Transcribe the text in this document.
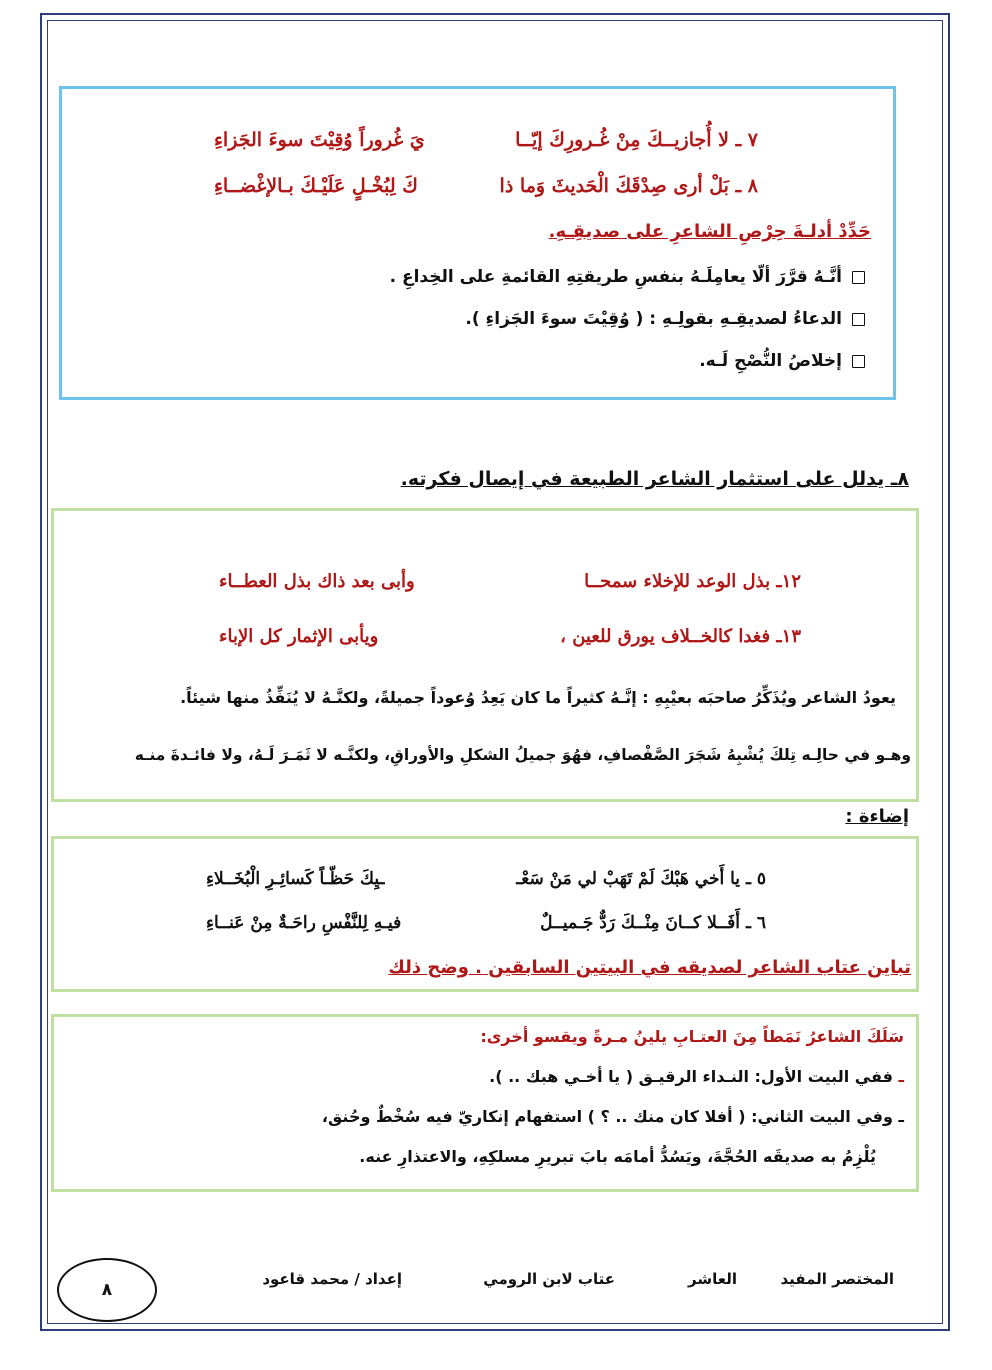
٧ ـ لا أُجازيــكَ مِنْ غُـرورِكَ إيّــا
يَ غُروراً وُقِيْتَ سوءَ الجَزاءِ
٨ ـ بَلْ أرى صِدْقَكَ الْحَديثَ وَما ذا
كَ لِبُخْـلٍ عَلَيْـكَ بـالإغْضــاءِ
حَدِّدْ أدلـةَ حِرْصِ الشاعرِ على صديقِـهِ.
أنَّـهُ قرَّرَ ألّا يعامِلَـهُ بنفسِ طريقتِهِ القائمةِ على الخِداعِ .
الدعاءُ لصديقِـهِ بقولِـهِ : ( وُقِيْتَ سوءَ الجَزاءِ ).
إخلاصُ النُّصْحِ لَـه.
٨ـ يدلل على استثمار الشاعر الطبيعة في إيصال فكرته.
١٢ـ بذل الوعد للإخلاء سمحــا
وأبى بعد ذاك بذل العطــاء
١٣ـ فغدا كالخــلاف يورق للعين ،
ويأبى الإثمار كل الإباء
يعودُ الشاعر ويُذَكِّرُ صاحبَه بعيْبِهِ : إنَّـهُ كثيراً ما كان يَعِدُ وُعوداً جميلةً، ولكنَّـهُ لا يُنَفِّذُ منها شيئاً.
وهـو في حالِـه تِلكَ يُشْبِهُ شَجَرَ الصَّفْصافِ، فهُوَ جميلُ الشكلِ والأوراقِ، ولكنَّـه لا ثَمَـرَ لَـهُ، ولا فائـدةَ منـه
إضاءة :
٥ ـ يا أَخي هَبْكَ لَمْ تَهَبْ لي مَنْ سَعْـ
ـيِكَ حَظّـاً كَسائِـرِ الْبُخَــلاءِ
٦ ـ أَفَــلا كــانَ مِنْــكَ رَدٌّ جَـميــلٌ
فيـهِ لِلنَّفْسِ راحَـةٌ مِنْ عَنــاءِ
تباين عتاب الشاعر لصديقه في البيتين السابقين . وضح ذلك
سَلَكَ الشاعرُ نَمَطاً مِنَ العتـابِ يلينُ مـرةً ويقسو أخرى:
ـ ففي البيت الأول: النـداء الرقيـق ( يا أخـي هبك .. ).
ـ وفي البيت الثاني: ( أفلا كان منك .. ؟ ) استفهام إنكاريّ فيه سُخْطٌ وحُنق،
يُلْزِمُ به صديقَه الحُجَّةَ، ويَسُدُّ أمامَه بابَ تبريرِ مسلكِهِ، والاعتذارِ عنه.
المختصر المفيد
العاشر
عتاب لابن الرومي
إعداد / محمد قاعود
٨
